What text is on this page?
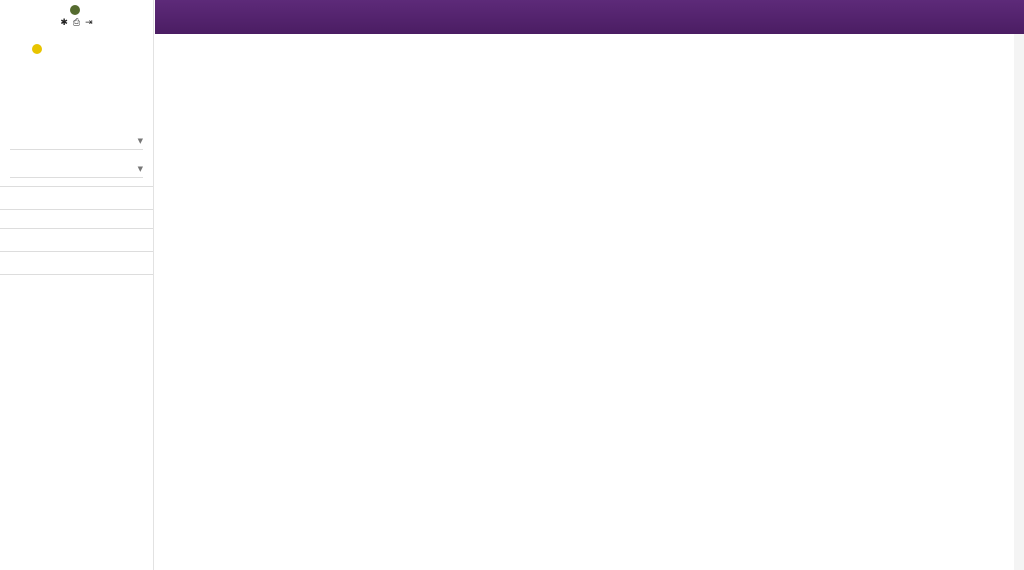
✱ ⎙ ⇥
▼
▼
